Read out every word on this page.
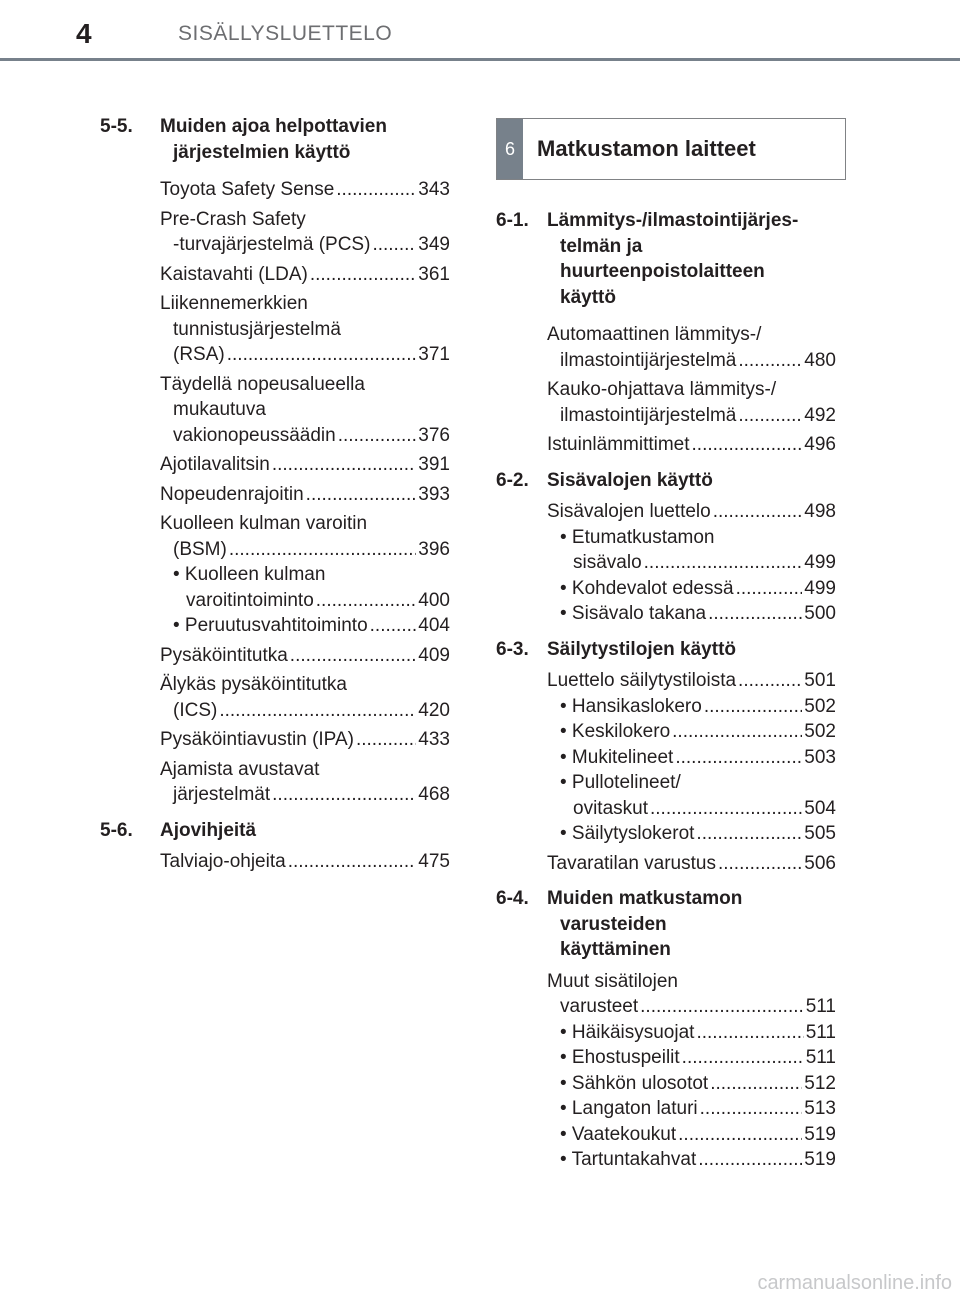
4	SISÄLLYSLUETTELO
5-5. Muiden ajoa helpottavien
järjestelmien käyttö
Toyota Safety Sense .....	343
Pre-Crash Safety
-turvajärjestelmä (PCS) .....	349
Kaistavahti (LDA) .....	361
Liikennemerkkien
tunnistusjärjestelmä
(RSA) .....	371
Täydellä nopeusalueella
mukautuva
vakionopeussäädin .....	376
Ajotilavalitsin .....	391
Nopeudenrajoitin .....	393
Kuolleen kulman varoitin
(BSM) .....	396
• Kuolleen kulman
varoitintoiminto .....	400
• Peruutusvahtitoiminto .....	404
Pysäköintitutka .....	409
Älykäs pysäköintitutka
(ICS) .....	420
Pysäköintiavustin (IPA) .....	433
Ajamista avustavat
järjestelmät .....	468
5-6. Ajovihjeitä
Talviajo-ohjeita .....	475
6	Matkustamon laitteet
6-1. Lämmitys-/ilmastointijärjes-
telmän ja
huurteenpoistolaitteen
käyttö
Automaattinen lämmitys-/
ilmastointijärjestelmä .....	480
Kauko-ohjattava lämmitys-/
ilmastointijärjestelmä .....	492
Istuinlämmittimet .....	496
6-2. Sisävalojen käyttö
Sisävalojen luettelo .....	498
• Etumatkustamon
sisävalo .....	499
• Kohdevalot edessä .....	499
• Sisävalo takana .....	500
6-3. Säilytystilojen käyttö
Luettelo säilytystiloista .....	501
• Hansikaslokero .....	502
• Keskilokero .....	502
• Mukitelineet .....	503
• Pullotelineet/
ovitaskut .....	504
• Säilytyslokerot .....	505
Tavaratilan varustus .....	506
6-4. Muiden matkustamon
varusteiden
käyttäminen
Muut sisätilojen
varusteet .....	511
• Häikäisysuojat .....	511
• Ehostuspeilit .....	511
• Sähkön ulosotot .....	512
• Langaton laturi .....	513
• Vaatekoukut .....	519
• Tartuntakahvat .....	519
carmanualsonline.info
